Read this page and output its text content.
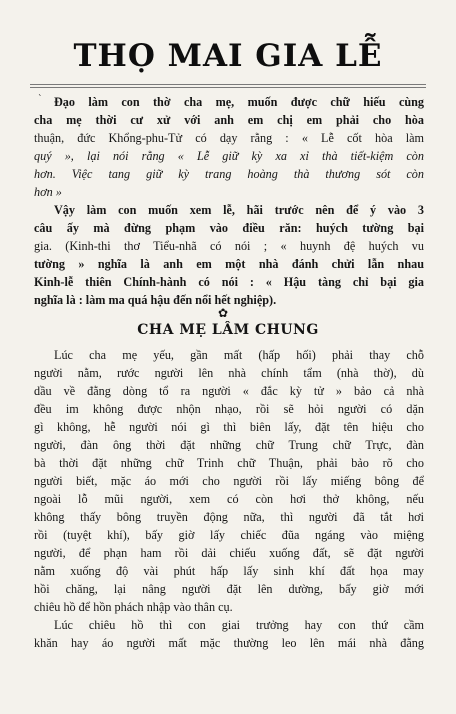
THỌ MAI GIA LỄ
ˋ Đạo làm con thờ cha mẹ, muốn được chữ hiếu cùng
cha mẹ thời cư xử với anh em chị em phải cho hòa
thuận, đức Khổng-phu-Tử có dạy rằng : « Lễ cốt hòa làm
quý », lại nói rằng « Lễ giữ kỳ xa xỉ thà tiết-kiệm còn
hơn. Việc tang giữ kỳ trang hoàng thà thương sót còn
hơn »
Vậy làm con muốn xem lễ, hãi trước nên để ý vào 3
câu ấy mà đừng phạm vào điều răn: huých tường bại
gia. (Kinh-thi thơ Tiểu-nhã có nói ; « huynh đệ huých vu
tường » nghĩa là anh em một nhà đánh chửi lẫn nhau
Kinh-lễ thiên Chính-hành có nói : « Hậu tàng chỉ bại gia
nghĩa là : làm ma quá hậu đến nổi hết nghiệp).
✿
CHA MẸ LÂM CHUNG
Lúc cha mẹ yếu, gần mất (hấp hối) phải thay chỗ
người nằm, rước người lên nhà chính tẩm (nhà thờ), dù
dầu về đằng dòng tổ ra người « đắc kỳ tử » bảo cả nhà
đều im không được nhộn nhạo, rồi sẽ hỏi người có dặn
gì không, hễ người nói gì thì biên lấy, đặt tên hiệu cho
người, đàn ông thời đặt những chữ Trung chữ Trực, đàn
bà thời đặt những chữ Trinh chữ Thuận, phải bảo rõ cho
người biết, mặc áo mới cho người rồi lấy miếng bông để
ngoài lỗ mũi người, xem có còn hơi thở không, nếu
không thấy bông truyền động nữa, thì người đã tắt hơi
rồi (tuyệt khí), bấy giờ lấy chiếc đũa ngáng vào miệng
người, để phạn ham rồi dải chiếu xuống đất, sẽ đặt người
nằm xuống độ vài phút hấp lấy sinh khí đất họa may
hồi chăng, lại nâng người đặt lên dường, bấy giờ mới
chiêu hồ để hồn phách nhập vào thân cụ.
Lúc chiêu hồ thì con giai trưởng hay con thứ cầm
khăn hay áo người mất mặc thường leo lên mái nhà đằng
